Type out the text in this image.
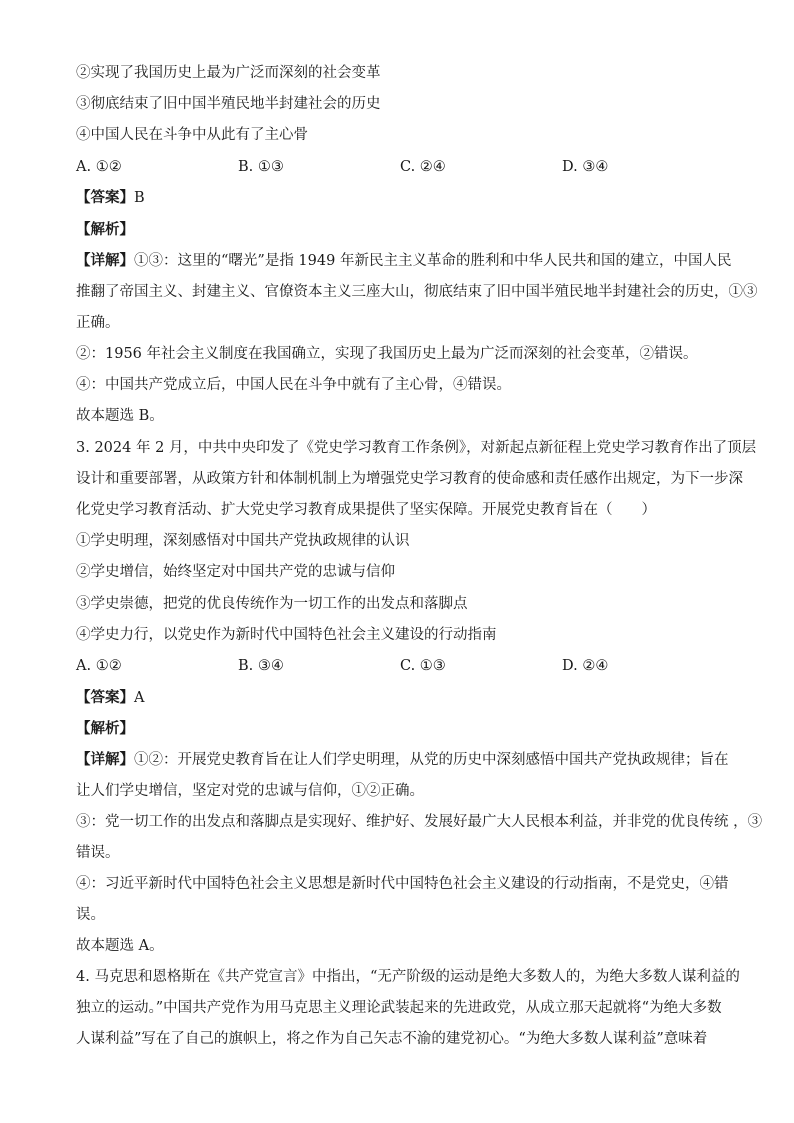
②实现了我国历史上最为广泛而深刻的社会变革
③彻底结束了旧中国半殖民地半封建社会的历史
④中国人民在斗争中从此有了主心骨
A. ①②	B. ①③	C. ②④	D. ③④
【答案】B
【解析】
【详解】①③：这里的“曙光”是指 1949 年新民主主义革命的胜利和中华人民共和国的建立，中国人民
推翻了帝国主义、封建主义、官僚资本主义三座大山，彻底结束了旧中国半殖民地半封建社会的历史，①③
正确。
②：1956 年社会主义制度在我国确立，实现了我国历史上最为广泛而深刻的社会变革，②错误。
④：中国共产党成立后，中国人民在斗争中就有了主心骨，④错误。
故本题选 B。
3. 2024 年 2 月，中共中央印发了《党史学习教育工作条例》，对新起点新征程上党史学习教育作出了顶层
设计和重要部署，从政策方针和体制机制上为增强党史学习教育的使命感和责任感作出规定，为下一步深
化党史学习教育活动、扩大党史学习教育成果提供了坚实保障。开展党史教育旨在（　　）
①学史明理，深刻感悟对中国共产党执政规律的认识
②学史增信，始终坚定对中国共产党的忠诚与信仰
③学史崇德，把党的优良传统作为一切工作的出发点和落脚点
④学史力行，以党史作为新时代中国特色社会主义建设的行动指南
A. ①②	B. ③④	C. ①③	D. ②④
【答案】A
【解析】
【详解】①②：开展党史教育旨在让人们学史明理，从党的历史中深刻感悟中国共产党执政规律；旨在
让人们学史增信，坚定对党的忠诚与信仰，①②正确。
③：党一切工作的出发点和落脚点是实现好、维护好、发展好最广大人民根本利益，并非党的优良传统 ，③
错误。
④：习近平新时代中国特色社会主义思想是新时代中国特色社会主义建设的行动指南，不是党史，④错
误。
故本题选 A。
4. 马克思和恩格斯在《共产党宣言》中指出，“无产阶级的运动是绝大多数人的，为绝大多数人谋利益的
独立的运动。”中国共产党作为用马克思主义理论武装起来的先进政党，从成立那天起就将“为绝大多数
人谋利益”写在了自己的旗帜上，将之作为自己矢志不渝的建党初心。“为绝大多数人谋利益”意味着
